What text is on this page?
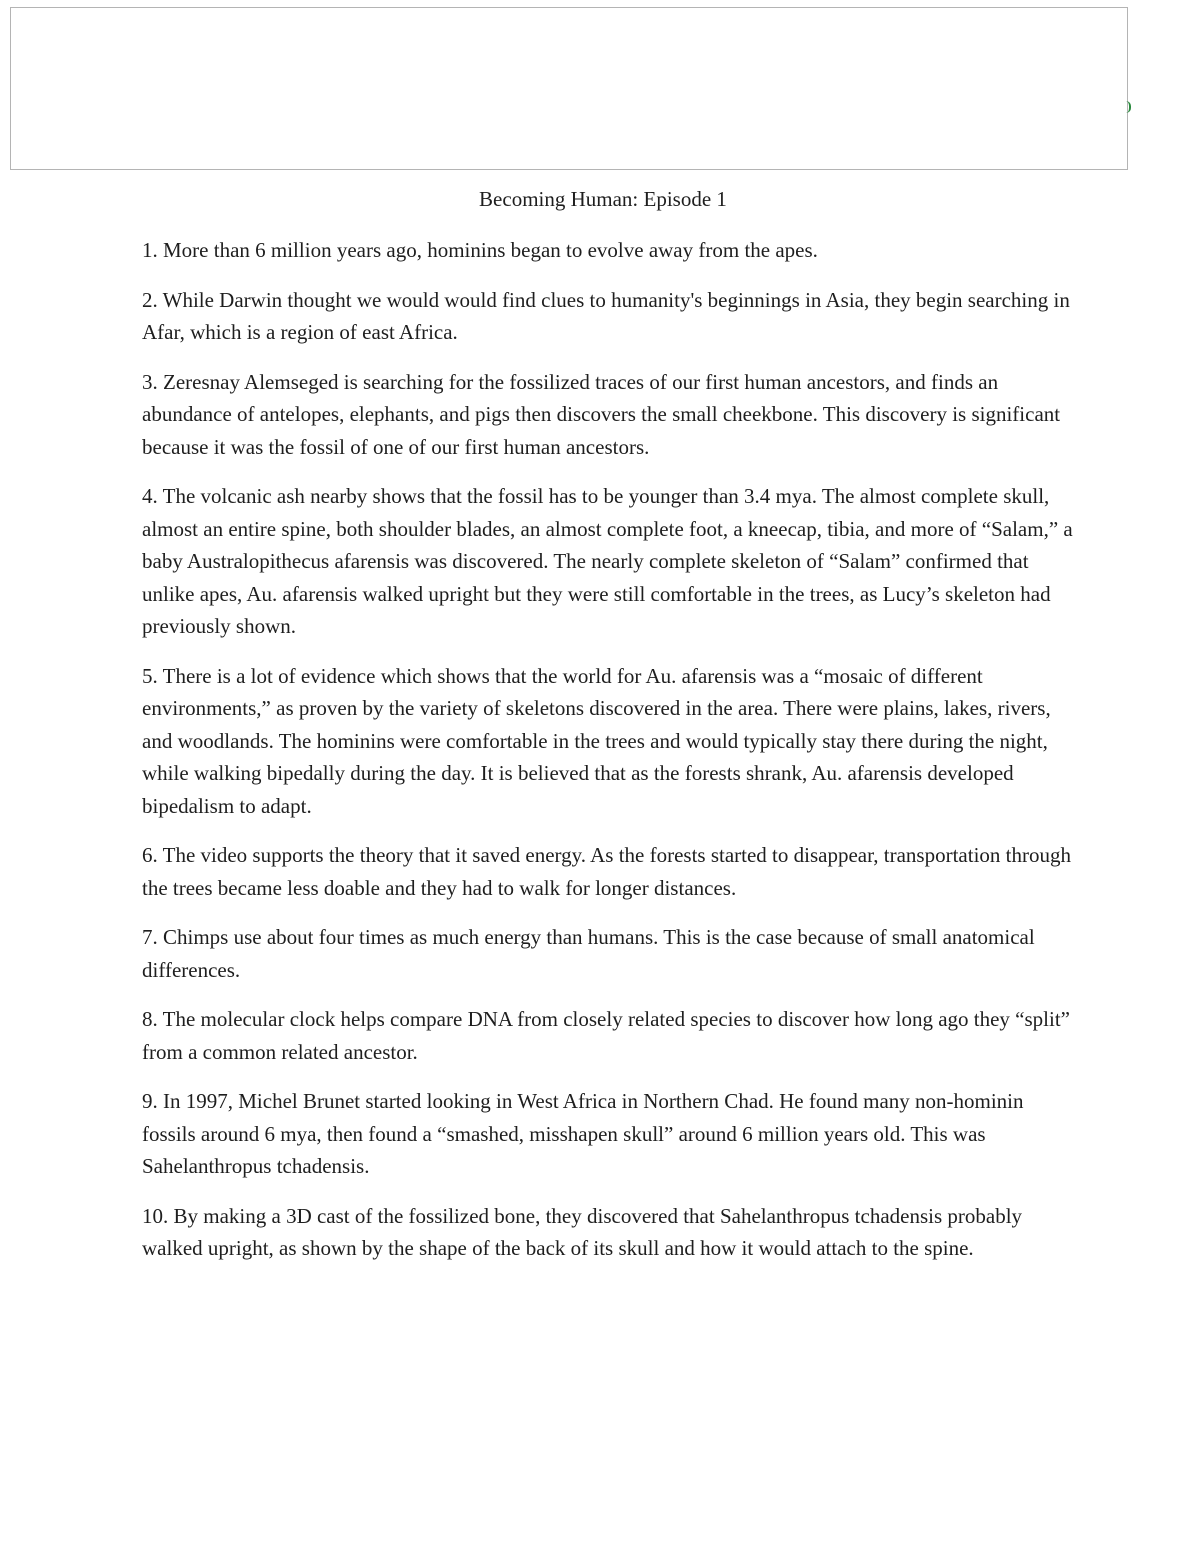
Becoming Human: Episode 1
1. More than 6 million years ago, hominins began to evolve away from the apes.
2. While Darwin thought we would would find clues to humanity's beginnings in Asia, they begin searching in Afar, which is a region of east Africa.
3. Zeresnay Alemseged is searching for the fossilized traces of our first human ancestors, and finds an abundance of antelopes, elephants, and pigs then discovers the small cheekbone. This discovery is significant because it was the fossil of one of our first human ancestors.
4. The volcanic ash nearby shows that the fossil has to be younger than 3.4 mya. The almost complete skull, almost an entire spine, both shoulder blades, an almost complete foot, a kneecap, tibia, and more of “Salam,” a baby Australopithecus afarensis was discovered. The nearly complete skeleton of “Salam” confirmed that unlike apes, Au. afarensis walked upright but they were still comfortable in the trees, as Lucy’s skeleton had previously shown.
5. There is a lot of evidence which shows that the world for Au. afarensis was a “mosaic of different environments,” as proven by the variety of skeletons discovered in the area. There were plains, lakes, rivers, and woodlands. The hominins were comfortable in the trees and would typically stay there during the night, while walking bipedally during the day. It is believed that as the forests shrank, Au. afarensis developed bipedalism to adapt.
6. The video supports the theory that it saved energy. As the forests started to disappear, transportation through the trees became less doable and they had to walk for longer distances.
7. Chimps use about four times as much energy than humans. This is the case because of small anatomical differences.
8. The molecular clock helps compare DNA from closely related species to discover how long ago they “split” from a common related ancestor.
9. In 1997, Michel Brunet started looking in West Africa in Northern Chad. He found many non-hominin fossils around 6 mya, then found a “smashed, misshapen skull” around 6 million years old. This was Sahelanthropus tchadensis.
10. By making a 3D cast of the fossilized bone, they discovered that Sahelanthropus tchadensis probably walked upright, as shown by the shape of the back of its skull and how it would attach to the spine.
